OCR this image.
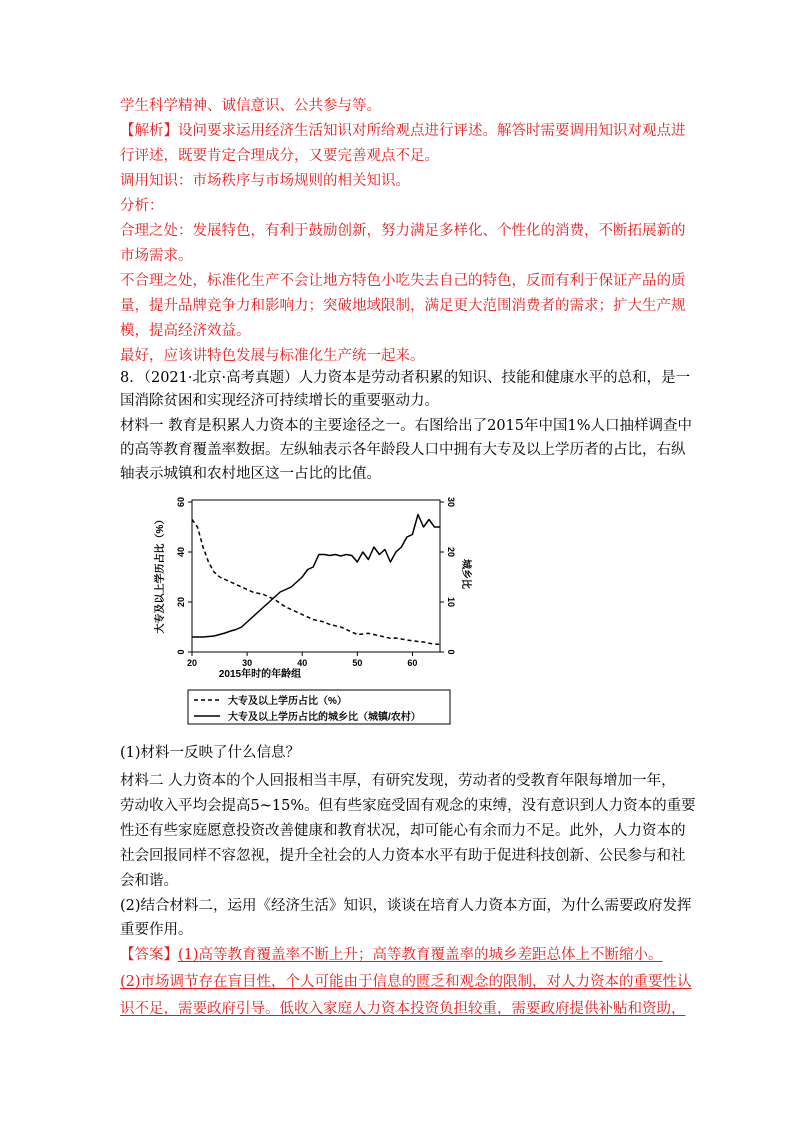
学生科学精神、诚信意识、公共参与等。
【解析】设问要求运用经济生活知识对所给观点进行评述。解答时需要调用知识对观点进
行评述，既要肯定合理成分，又要完善观点不足。
调用知识：市场秩序与市场规则的相关知识。
分析：
合理之处：发展特色，有利于鼓励创新，努力满足多样化、个性化的消费，不断拓展新的
市场需求。
不合理之处，标准化生产不会让地方特色小吃失去自己的特色，反而有利于保证产品的质
量，提升品牌竞争力和影响力；突破地域限制，满足更大范围消费者的需求；扩大生产规
模，提高经济效益。
最好，应该讲特色发展与标准化生产统一起来。
8．（2021·北京·高考真题）人力资本是劳动者积累的知识、技能和健康水平的总和，是一
国消除贫困和实现经济可持续增长的重要驱动力。
材料一 教育是积累人力资本的主要途径之一。右图给出了2015年中国1%人口抽样调查中
的高等教育覆盖率数据。左纵轴表示各年龄段人口中拥有大专及以上学历者的占比，右纵
轴表示城镇和农村地区这一占比的比值。
20	30	40	50	60
0
20
40
60
0
10
20
30
2015年时的年龄组
大专及以上学历占比（%）	城乡比
大专及以上学历占比（%）
大专及以上学历占比的城乡比（城镇/农村）
(1)材料一反映了什么信息？
材料二 人力资本的个人回报相当丰厚，有研究发现，劳动者的受教育年限每增加一年，
劳动收入平均会提高5~15%。但有些家庭受固有观念的束缚，没有意识到人力资本的重要
性还有些家庭愿意投资改善健康和教育状况，却可能心有余而力不足。此外，人力资本的
社会回报同样不容忽视，提升全社会的人力资本水平有助于促进科技创新、公民参与和社
会和谐。
(2)结合材料二，运用《经济生活》知识，谈谈在培育人力资本方面，为什么需要政府发挥
重要作用。
【答案】(1)高等教育覆盖率不断上升；高等教育覆盖率的城乡差距总体上不断缩小。
(2)市场调节存在盲目性，个人可能由于信息的匮乏和观念的限制，对人力资本的重要性认
识不足，需要政府引导。低收入家庭人力资本投资负担较重，需要政府提供补贴和资助，
